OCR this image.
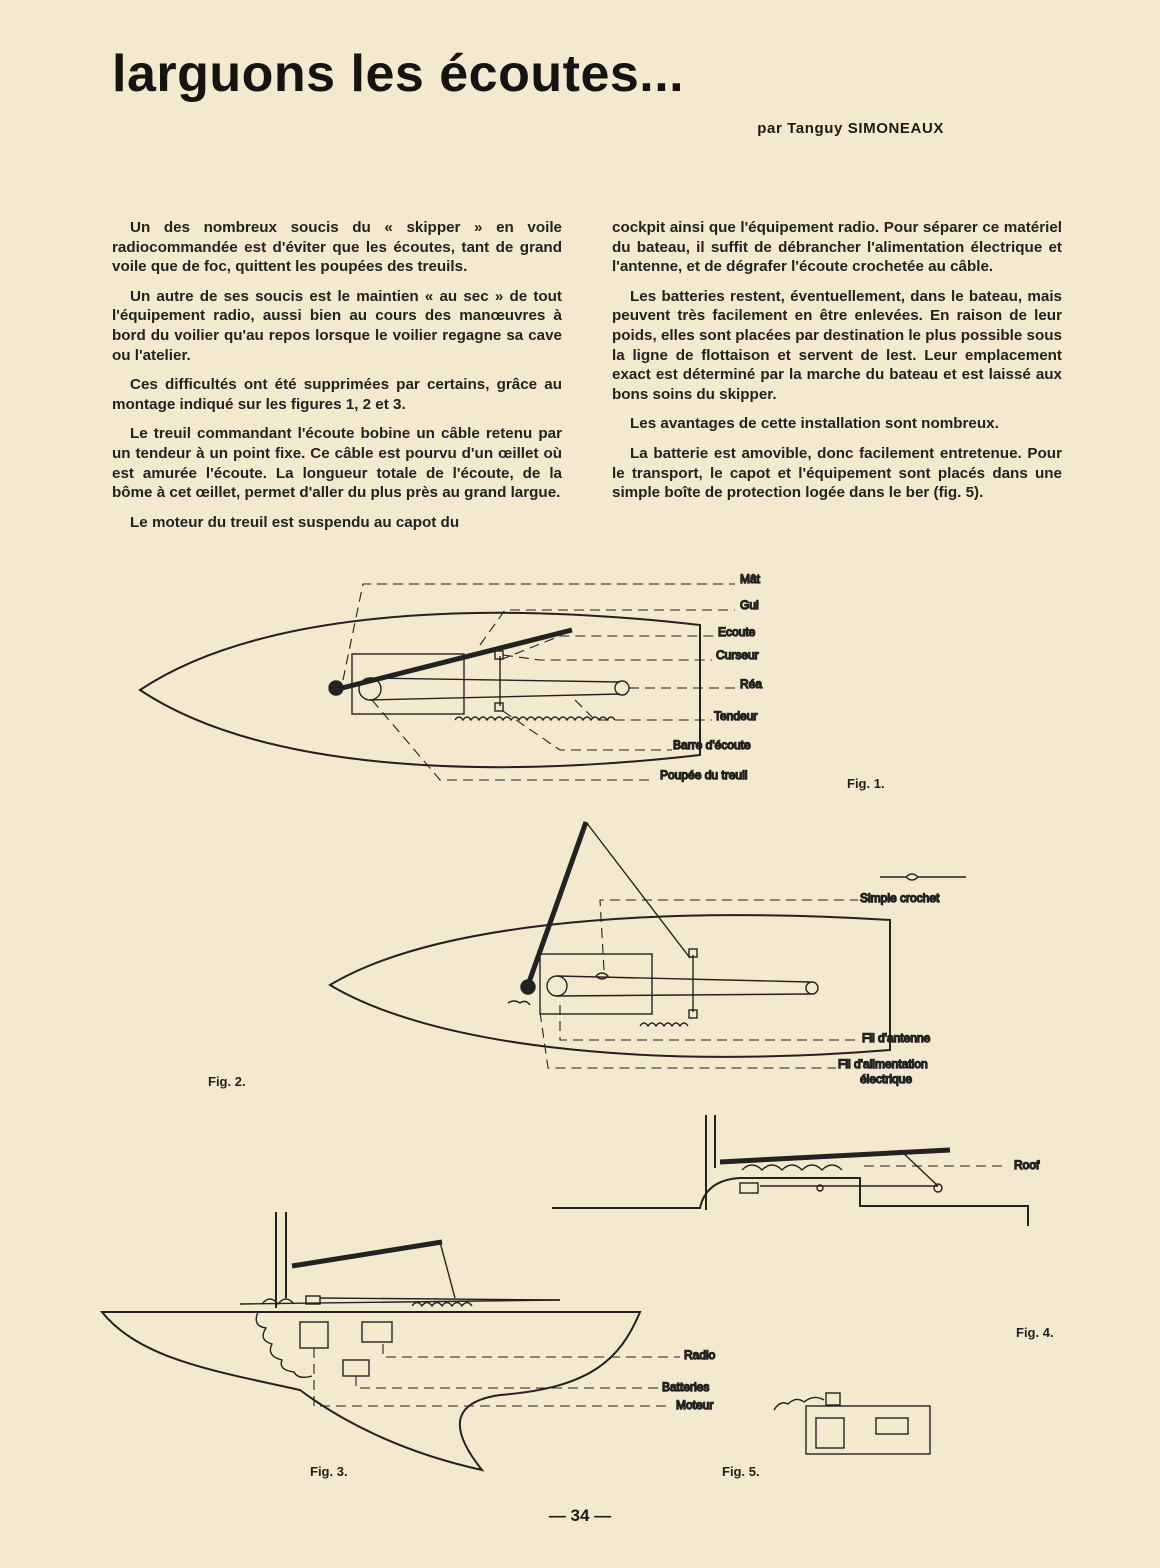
larguons les écoutes...
par Tanguy SIMONEAUX

Un des nombreux soucis du « skipper » en voile radiocommandée est d'éviter que les écoutes, tant de grand voile que de foc, quittent les poupées des treuils.

Un autre de ses soucis est le maintien « au sec » de tout l'équipement radio, aussi bien au cours des manœuvres à bord du voilier qu'au repos lorsque le voilier regagne sa cave ou l'atelier.

Ces difficultés ont été supprimées par certains, grâce au montage indiqué sur les figures 1, 2 et 3.

Le treuil commandant l'écoute bobine un câble retenu par un tendeur à un point fixe. Ce câble est pourvu d'un œillet où est amurée l'écoute. La longueur totale de l'écoute, de la bôme à cet œillet, permet d'aller du plus près au grand largue.

Le moteur du treuil est suspendu au capot du

cockpit ainsi que l'équipement radio. Pour séparer ce matériel du bateau, il suffit de débrancher l'alimentation électrique et l'antenne, et de dégrafer l'écoute crochetée au câble.

Les batteries restent, éventuellement, dans le bateau, mais peuvent très facilement en être enlevées. En raison de leur poids, elles sont placées par destination le plus possible sous la ligne de flottaison et servent de lest. Leur emplacement exact est déterminé par la marche du bateau et est laissé aux bons soins du skipper.

Les avantages de cette installation sont nombreux.

La batterie est amovible, donc facilement entretenue. Pour le transport, le capot et l'équipement sont placés dans une simple boîte de protection logée dans le ber (fig. 5).

Mât
Gui
Ecoute
Curseur
Réa
Tendeur
Barre d'écoute
Poupée du treuil
Fig. 1.
Simple crochet
Fil d'antenne
Fil d'alimentation
électrique
Fig. 2.
Roof
Fig. 4.
Radio
Batteries
Moteur
Fig. 3.	Fig. 5.
— 34 —
